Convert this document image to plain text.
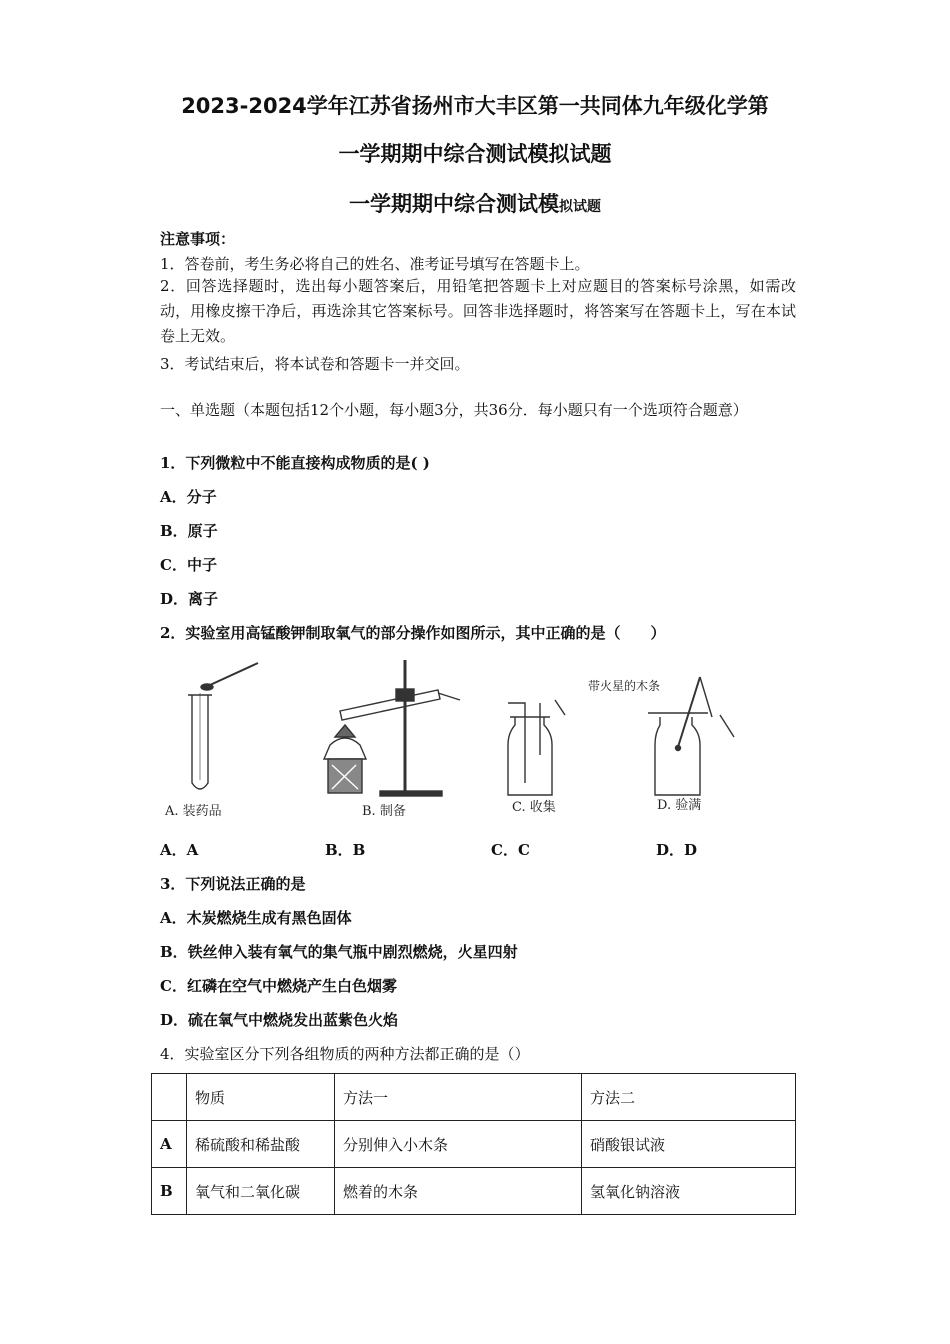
2023-2024学年江苏省扬州市大丰区第一共同体九年级化学第
一学期期中综合测试模拟试题
一学期期中综合测试模拟试题
注意事项：
1．答卷前，考生务必将自己的姓名、准考证号填写在答题卡上。
2．回答选择题时，选出每小题答案后，用铅笔把答题卡上对应题目的答案标号涂黑，如需改动，用橡皮擦干净后，再选涂其它答案标号。回答非选择题时，将答案写在答题卡上，写在本试卷上无效。
3．考试结束后，将本试卷和答题卡一并交回。
一、单选题（本题包括12个小题，每小题3分，共36分．每小题只有一个选项符合题意）
1．下列微粒中不能直接构成物质的是( )
A．分子
B．原子
C．中子
D．离子
2．实验室用高锰酸钾制取氧气的部分操作如图所示，其中正确的是（　　）
A. 装药品	B. 制备	C. 收集
带火星的木条
D. 验满
A．A	B．B	C．C	D．D
3．下列说法正确的是
A．木炭燃烧生成有黑色固体
B．铁丝伸入装有氧气的集气瓶中剧烈燃烧，火星四射
C．红磷在空气中燃烧产生白色烟雾
D．硫在氧气中燃烧发出蓝紫色火焰
4．实验室区分下列各组物质的两种方法都正确的是（）
	物质	方法一	方法二
A	稀硫酸和稀盐酸	分别伸入小木条	硝酸银试液
B	氧气和二氧化碳	燃着的木条	氢氧化钠溶液
